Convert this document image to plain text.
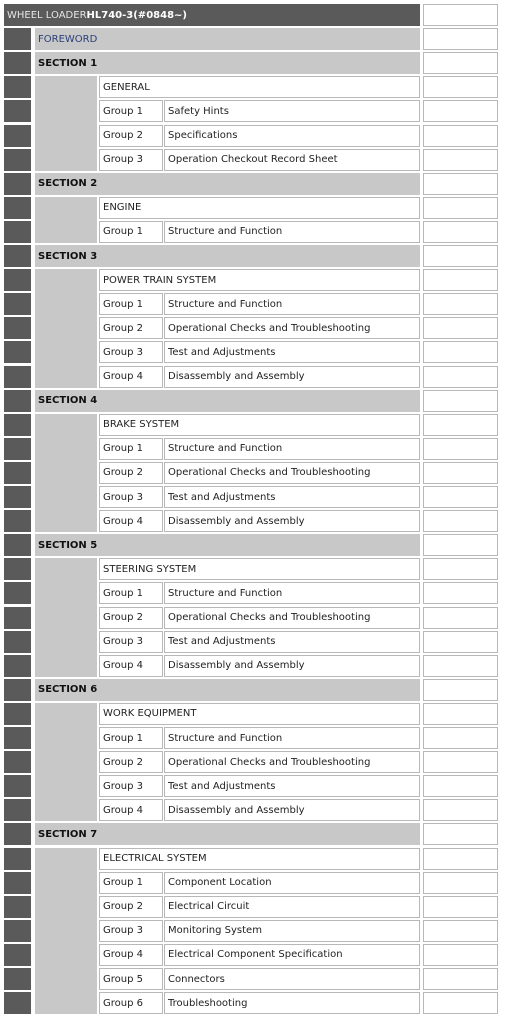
WHEEL LOADER HL740-3(#0848~)
FOREWORD
SECTION 1
GENERAL
Group 1	Safety Hints
Group 2	Specifications
Group 3	Operation Checkout Record Sheet
SECTION 2
ENGINE
Group 1	Structure and Function
SECTION 3
POWER TRAIN SYSTEM
Group 1	Structure and Function
Group 2	Operational Checks and Troubleshooting
Group 3	Test and Adjustments
Group 4	Disassembly and Assembly
SECTION 4
BRAKE SYSTEM
Group 1	Structure and Function
Group 2	Operational Checks and Troubleshooting
Group 3	Test and Adjustments
Group 4	Disassembly and Assembly
SECTION 5
STEERING SYSTEM
Group 1	Structure and Function
Group 2	Operational Checks and Troubleshooting
Group 3	Test and Adjustments
Group 4	Disassembly and Assembly
SECTION 6
WORK EQUIPMENT
Group 1	Structure and Function
Group 2	Operational Checks and Troubleshooting
Group 3	Test and Adjustments
Group 4	Disassembly and Assembly
SECTION 7
ELECTRICAL SYSTEM
Group 1	Component Location
Group 2	Electrical Circuit
Group 3	Monitoring System
Group 4	Electrical Component Specification
Group 5	Connectors
Group 6	Troubleshooting
